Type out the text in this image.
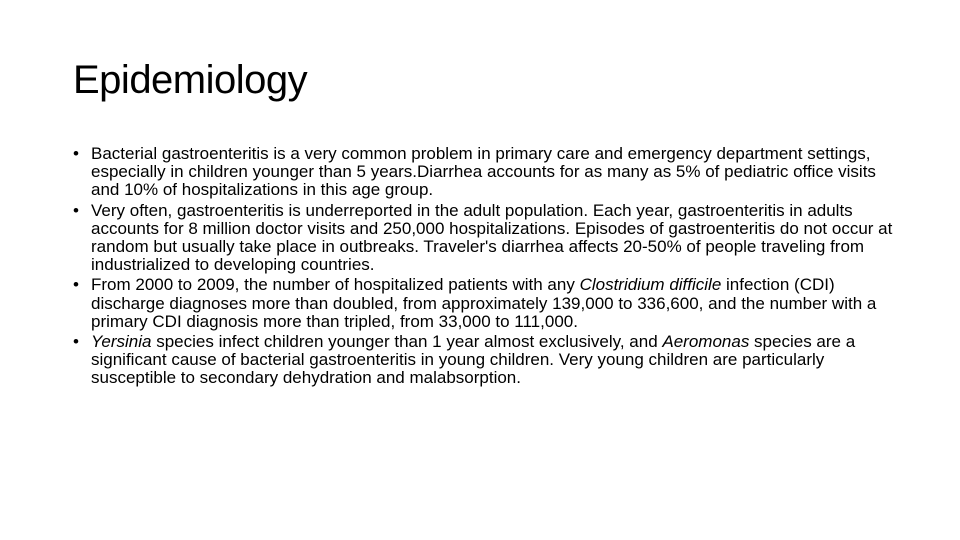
Epidemiology
• Bacterial gastroenteritis is a very common problem in primary care and emergency department settings, especially in children younger than 5 years.Diarrhea accounts for as many as 5% of pediatric office visits and 10% of hospitalizations in this age group.
• Very often, gastroenteritis is underreported in the adult population. Each year, gastroenteritis in adults accounts for 8 million doctor visits and 250,000 hospitalizations. Episodes of gastroenteritis do not occur at random but usually take place in outbreaks. Traveler's diarrhea affects 20-50% of people traveling from industrialized to developing countries.
• From 2000 to 2009, the number of hospitalized patients with any Clostridium difficile infection (CDI) discharge diagnoses more than doubled, from approximately 139,000 to 336,600, and the number with a primary CDI diagnosis more than tripled, from 33,000 to 111,000.
• Yersinia species infect children younger than 1 year almost exclusively, and Aeromonas species are a significant cause of bacterial gastroenteritis in young children. Very young children are particularly susceptible to secondary dehydration and malabsorption.
